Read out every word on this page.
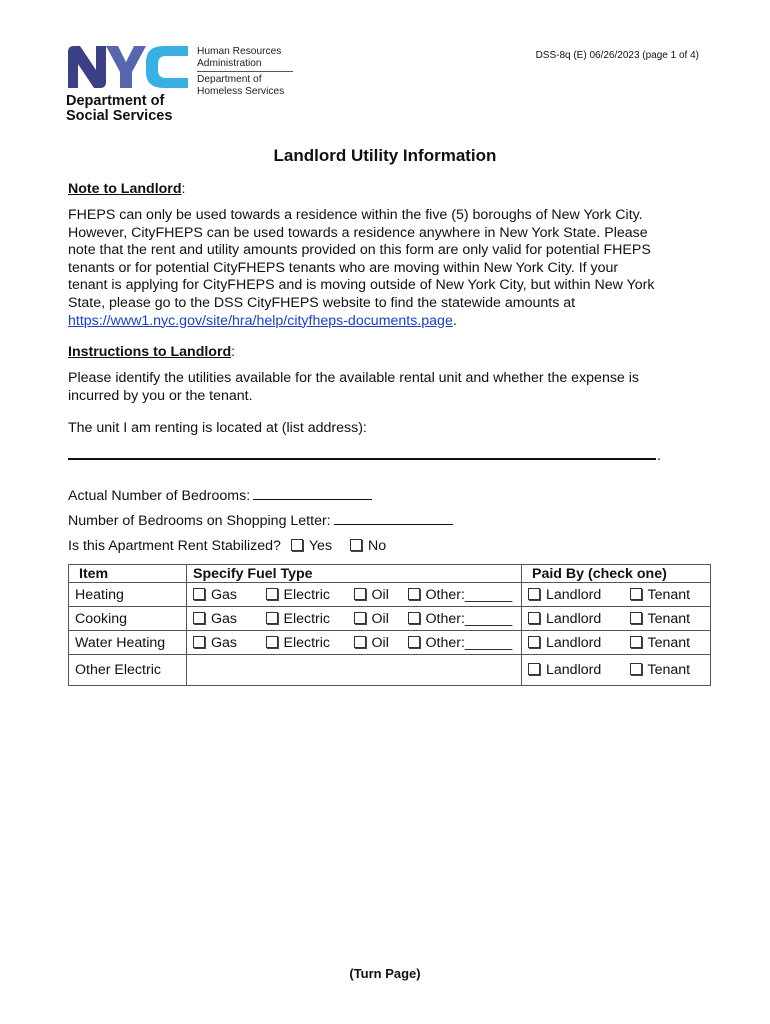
Human Resources
Administration
Department of
Homeless Services
Department of
Social Services
DSS-8q (E) 06/26/2023 (page 1 of 4)
Landlord Utility Information
Note to Landlord:
FHEPS can only be used towards a residence within the five (5) boroughs of New York City.
However, CityFHEPS can be used towards a residence anywhere in New York State. Please
note that the rent and utility amounts provided on this form are only valid for potential FHEPS
tenants or for potential CityFHEPS tenants who are moving within New York City. If your
tenant is applying for CityFHEPS and is moving outside of New York City, but within New York
State, please go to the DSS CityFHEPS website to find the statewide amounts at
https://www1.nyc.gov/site/hra/help/cityfheps-documents.page.
Instructions to Landlord:
Please identify the utilities available for the available rental unit and whether the expense is
incurred by you or the tenant.
The unit I am renting is located at (list address):
.
Actual Number of Bedrooms:
Number of Bedrooms on Shopping Letter:
Is this Apartment Rent Stabilized? Yes	No
Item	Specify Fuel Type				Paid By (check one)	
Heating	Gas	Electric	Oil	Other:______	Landlord	Tenant
Cooking	Gas	Electric	Oil	Other:______	Landlord	Tenant
Water Heating	Gas	Electric	Oil	Other:______	Landlord	Tenant
Other Electric					Landlord	Tenant
(Turn Page)
